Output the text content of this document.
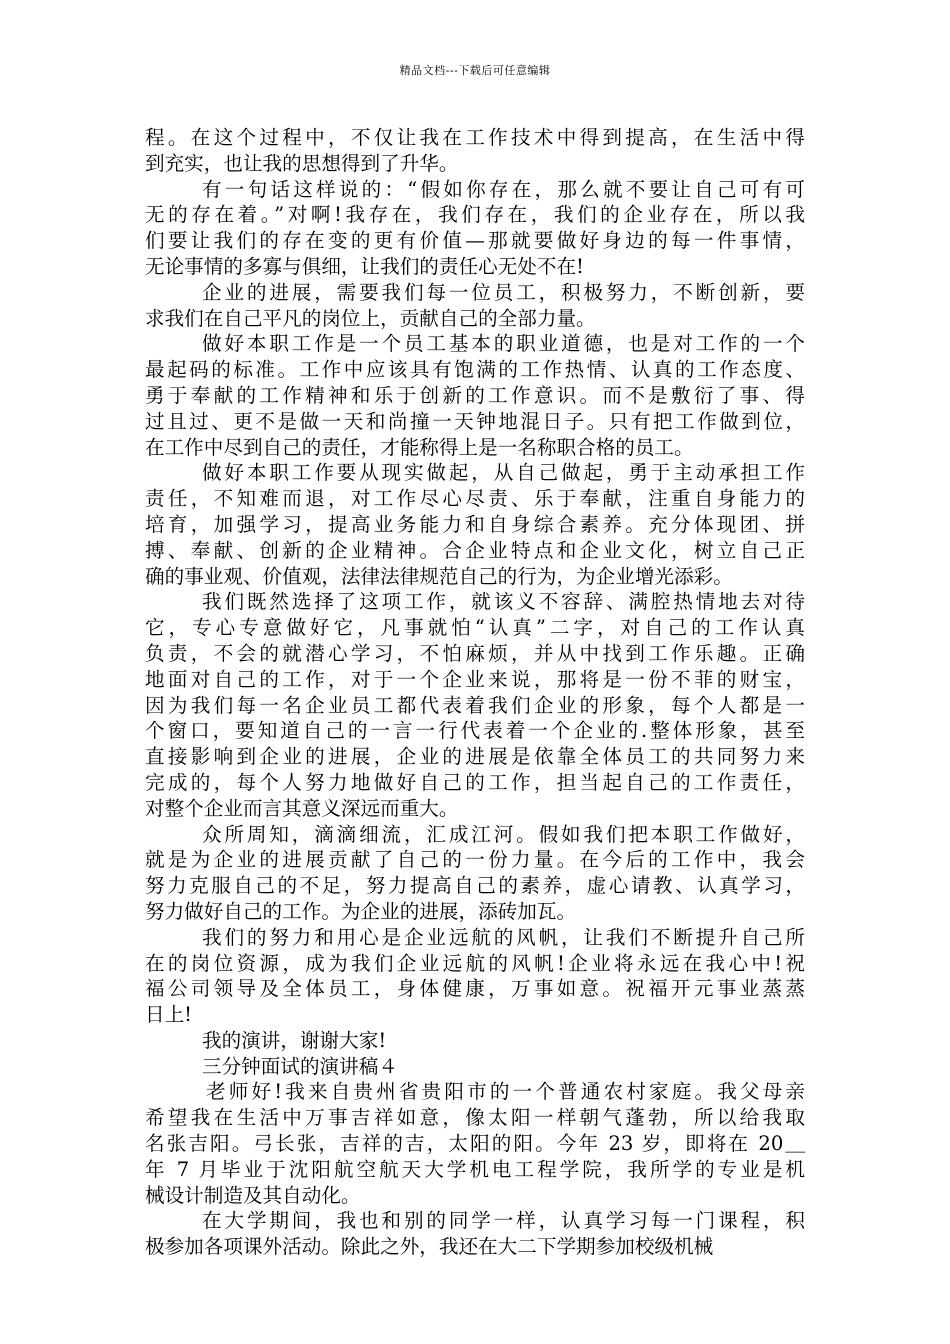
精品文档---下载后可任意编辑
程。在这个过程中，不仅让我在工作技术中得到提高，在生活中得
到充实，也让我的思想得到了升华。
有一句话这样说的：“假如你存在，那么就不要让自己可有可
无的存在着。”对啊!我存在，我们存在，我们的企业存在，所以我
们要让我们的存在变的更有价值—那就要做好身边的每一件事情，
无论事情的多寡与俱细，让我们的责任心无处不在!
企业的进展，需要我们每一位员工，积极努力，不断创新，要
求我们在自己平凡的岗位上，贡献自己的全部力量。
做好本职工作是一个员工基本的职业道德，也是对工作的一个
最起码的标准。工作中应该具有饱满的工作热情、认真的工作态度、
勇于奉献的工作精神和乐于创新的工作意识。而不是敷衍了事、得
过且过、更不是做一天和尚撞一天钟地混日子。只有把工作做到位，
在工作中尽到自己的责任，才能称得上是一名称职合格的员工。
做好本职工作要从现实做起，从自己做起，勇于主动承担工作
责任，不知难而退，对工作尽心尽责、乐于奉献，注重自身能力的
培育，加强学习，提高业务能力和自身综合素养。充分体现团、拼
搏、奉献、创新的企业精神。合企业特点和企业文化，树立自己正
确的事业观、价值观，法律法律规范自己的行为，为企业增光添彩。
我们既然选择了这项工作，就该义不容辞、满腔热情地去对待
它，专心专意做好它，凡事就怕“认真”二字，对自己的工作认真
负责，不会的就潜心学习，不怕麻烦，并从中找到工作乐趣。正确
地面对自己的工作，对于一个企业来说，那将是一份不菲的财宝，
因为我们每一名企业员工都代表着我们企业的形象，每个人都是一
个窗口，要知道自己的一言一行代表着一个企业的.整体形象，甚至
直接影响到企业的进展，企业的进展是依靠全体员工的共同努力来
完成的，每个人努力地做好自己的工作，担当起自己的工作责任，
对整个企业而言其意义深远而重大。
众所周知，滴滴细流，汇成江河。假如我们把本职工作做好，
就是为企业的进展贡献了自己的一份力量。在今后的工作中，我会
努力克服自己的不足，努力提高自己的素养，虚心请教、认真学习，
努力做好自己的工作。为企业的进展，添砖加瓦。
我们的努力和用心是企业远航的风帆，让我们不断提升自己所
在的岗位资源，成为我们企业远航的风帆!企业将永远在我心中!祝
福公司领导及全体员工，身体健康，万事如意。祝福开元事业蒸蒸
日上!
我的演讲，谢谢大家!
三分钟面试的演讲稿４
老师好!我来自贵州省贵阳市的一个普通农村家庭。我父母亲
希望我在生活中万事吉祥如意，像太阳一样朝气蓬勃，所以给我取
名张吉阳。弓长张，吉祥的吉，太阳的阳。今年 23 岁，即将在 20＿
年 7 月毕业于沈阳航空航天大学机电工程学院，我所学的专业是机
械设计制造及其自动化。
在大学期间，我也和别的同学一样，认真学习每一门课程，积
极参加各项课外活动。除此之外，我还在大二下学期参加校级机械
